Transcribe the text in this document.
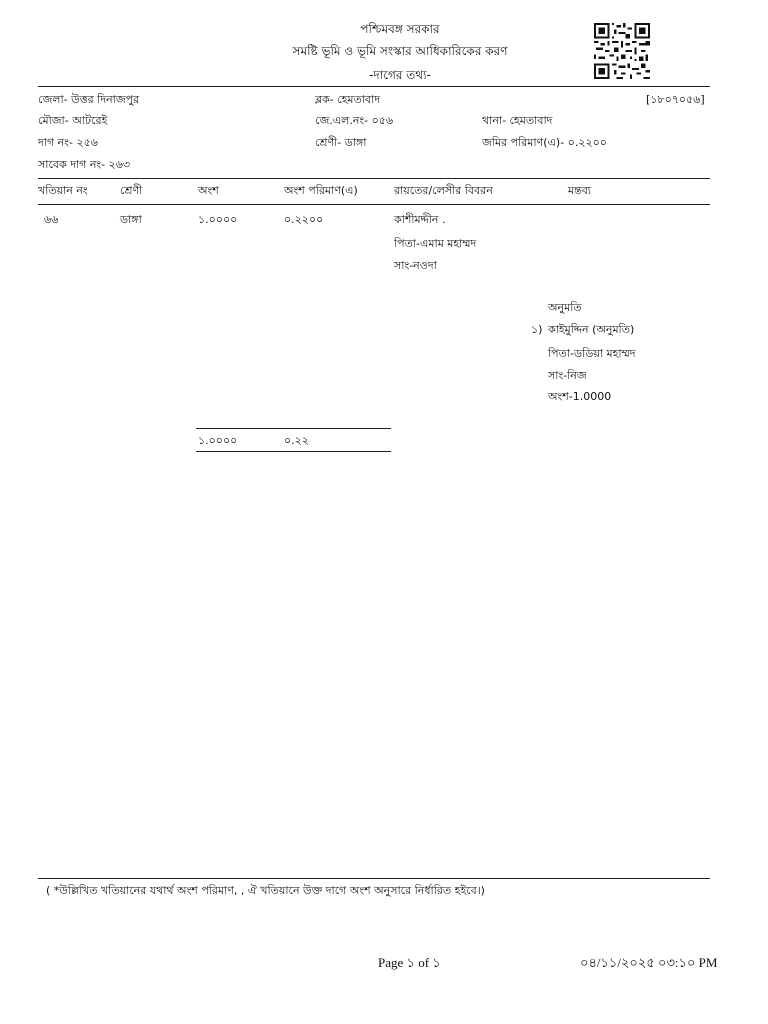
পশ্চিমবঙ্গ সরকার
সমষ্টি ভূমি ও ভূমি সংস্কার আধিকারিকের করণ
-দাগের তথ্য-
জেলা- উত্তর দিনাজপুর	ব্লক- হেমতাবাদ	[১৮০৭০৫৬]
মৌজা- আটরেই	জে.এল.নং- ০৫৬	থানা- হেমতাবাদ
দাগ নং- ২৫৬	শ্রেণী- ডাঙ্গা	জমির পরিমাণ(এ)- ০.২২০০
সাবেক দাগ নং- ২৬৩
খতিয়ান নং	শ্রেণী	অংশ	অংশ পরিমাণ(এ)	রায়তের/লেসীর বিবরন	মন্তব্য
৬৬	ডাঙ্গা	১.০০০০	০.২২০০	কাশীমদ্দীন .
পিতা-এমাম মহাম্মদ
সাং-নওদা
অনুমতি
১) কাইমুদ্দিন (অনুমতি)
পিতা-ডডিয়া মহাম্মদ
সাং-নিজ
অংশ-1.0000
১.০০০০	০.২২
( *উল্লিখিত খতিয়ানের যথার্থ অংশ পরিমাণ, , ঐ খতিয়ানে উক্ত দাগে অংশ অনুসারে নির্ধারিত হইবে।)
Page ১ of ১	০৪/১১/২০২৫ ০৩:১০ PM
